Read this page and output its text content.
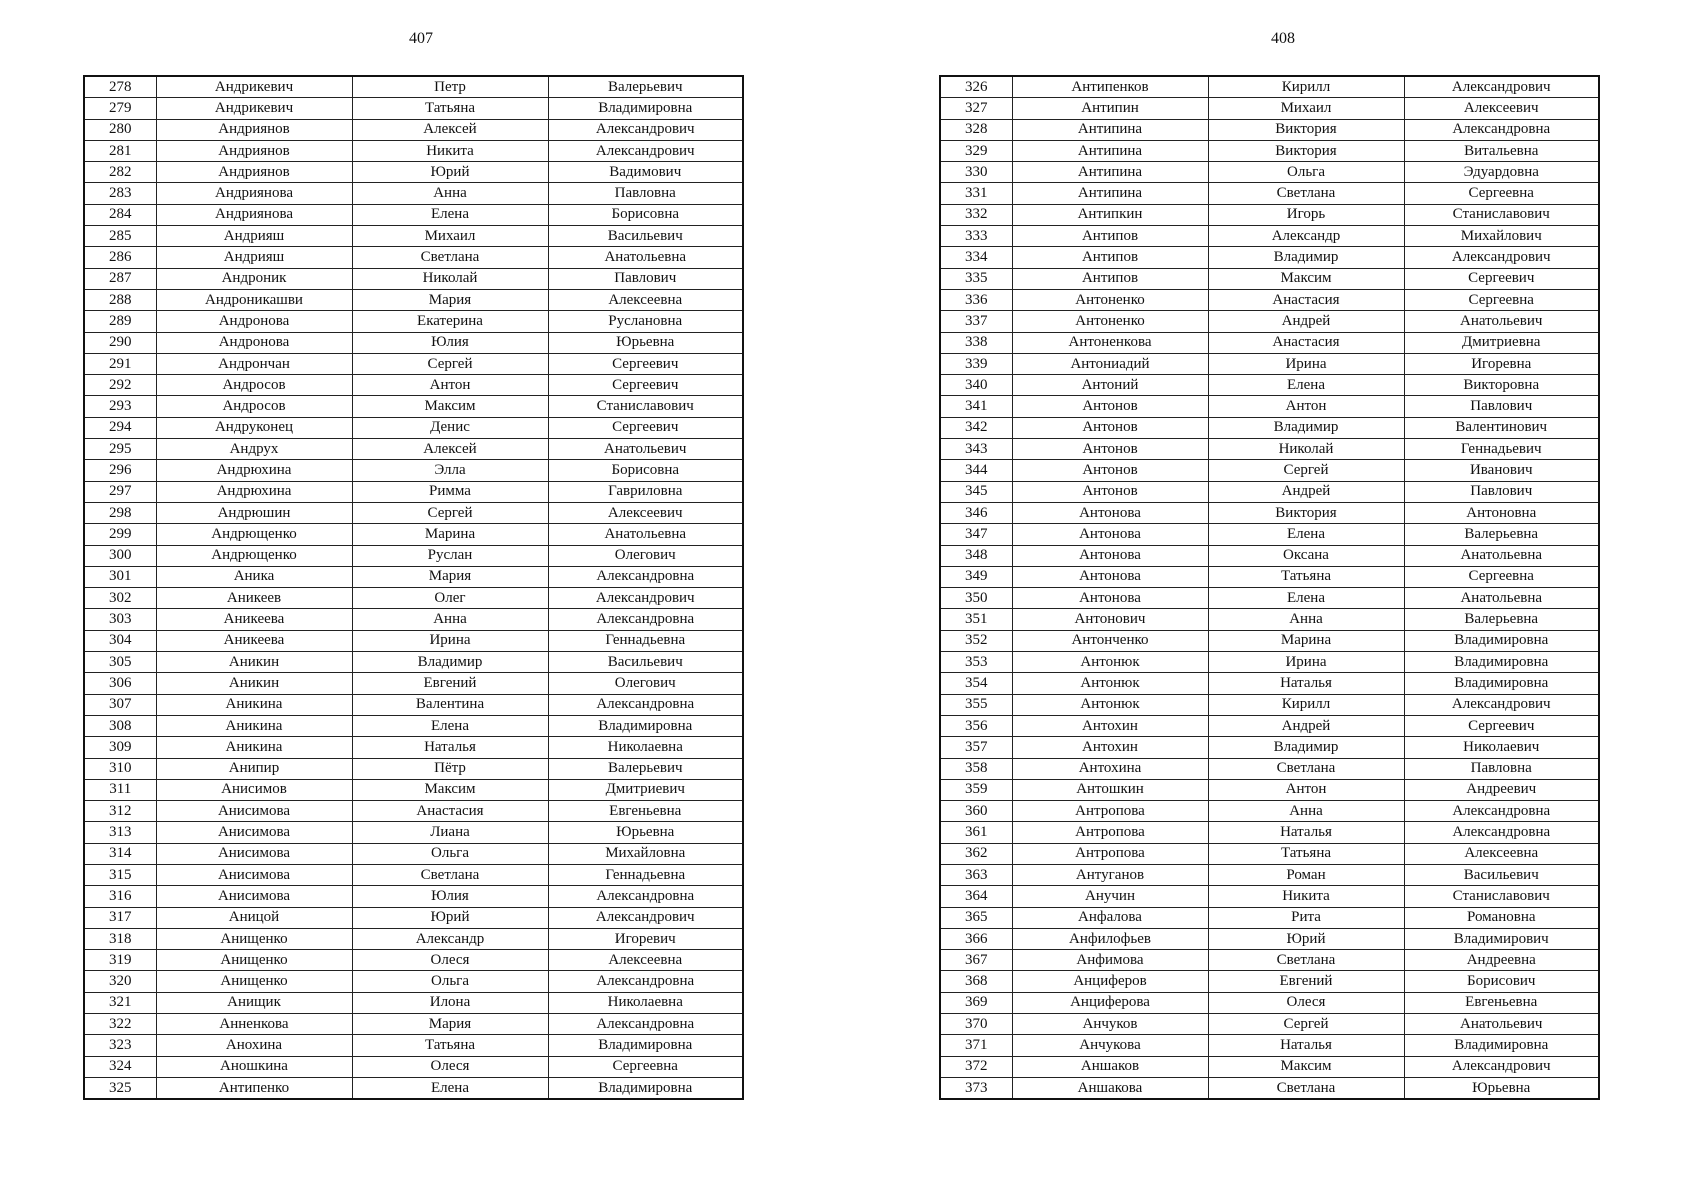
407
278	Андрикевич	Петр	Валерьевич
279	Андрикевич	Татьяна	Владимировна
280	Андриянов	Алексей	Александрович
281	Андриянов	Никита	Александрович
282	Андриянов	Юрий	Вадимович
283	Андриянова	Анна	Павловна
284	Андриянова	Елена	Борисовна
285	Андрияш	Михаил	Васильевич
286	Андрияш	Светлана	Анатольевна
287	Андроник	Николай	Павлович
288	Андроникашви	Мария	Алексеевна
289	Андронова	Екатерина	Руслановна
290	Андронова	Юлия	Юрьевна
291	Андрончан	Сергей	Сергеевич
292	Андросов	Антон	Сергеевич
293	Андросов	Максим	Станиславович
294	Андруконец	Денис	Сергеевич
295	Андрух	Алексей	Анатольевич
296	Андрюхина	Элла	Борисовна
297	Андрюхина	Римма	Гавриловна
298	Андрюшин	Сергей	Алексеевич
299	Андрющенко	Марина	Анатольевна
300	Андрющенко	Руслан	Олегович
301	Аника	Мария	Александровна
302	Аникеев	Олег	Александрович
303	Аникеева	Анна	Александровна
304	Аникеева	Ирина	Геннадьевна
305	Аникин	Владимир	Васильевич
306	Аникин	Евгений	Олегович
307	Аникина	Валентина	Александровна
308	Аникина	Елена	Владимировна
309	Аникина	Наталья	Николаевна
310	Анипир	Пётр	Валерьевич
311	Анисимов	Максим	Дмитриевич
312	Анисимова	Анастасия	Евгеньевна
313	Анисимова	Лиана	Юрьевна
314	Анисимова	Ольга	Михайловна
315	Анисимова	Светлана	Геннадьевна
316	Анисимова	Юлия	Александровна
317	Аницой	Юрий	Александрович
318	Анищенко	Александр	Игоревич
319	Анищенко	Олеся	Алексеевна
320	Анищенко	Ольга	Александровна
321	Анищик	Илона	Николаевна
322	Анненкова	Мария	Александровна
323	Анохина	Татьяна	Владимировна
324	Аношкина	Олеся	Сергеевна
325	Антипенко	Елена	Владимировна
408
326	Антипенков	Кирилл	Александрович
327	Антипин	Михаил	Алексеевич
328	Антипина	Виктория	Александровна
329	Антипина	Виктория	Витальевна
330	Антипина	Ольга	Эдуардовна
331	Антипина	Светлана	Сергеевна
332	Антипкин	Игорь	Станиславович
333	Антипов	Александр	Михайлович
334	Антипов	Владимир	Александрович
335	Антипов	Максим	Сергеевич
336	Антоненко	Анастасия	Сергеевна
337	Антоненко	Андрей	Анатольевич
338	Антоненкова	Анастасия	Дмитриевна
339	Антониадий	Ирина	Игоревна
340	Антоний	Елена	Викторовна
341	Антонов	Антон	Павлович
342	Антонов	Владимир	Валентинович
343	Антонов	Николай	Геннадьевич
344	Антонов	Сергей	Иванович
345	Антонов	Андрей	Павлович
346	Антонова	Виктория	Антоновна
347	Антонова	Елена	Валерьевна
348	Антонова	Оксана	Анатольевна
349	Антонова	Татьяна	Сергеевна
350	Антонова	Елена	Анатольевна
351	Антонович	Анна	Валерьевна
352	Антонченко	Марина	Владимировна
353	Антонюк	Ирина	Владимировна
354	Антонюк	Наталья	Владимировна
355	Антонюк	Кирилл	Александрович
356	Антохин	Андрей	Сергеевич
357	Антохин	Владимир	Николаевич
358	Антохина	Светлана	Павловна
359	Антошкин	Антон	Андреевич
360	Антропова	Анна	Александровна
361	Антропова	Наталья	Александровна
362	Антропова	Татьяна	Алексеевна
363	Антуганов	Роман	Васильевич
364	Анучин	Никита	Станиславович
365	Анфалова	Рита	Романовна
366	Анфилофьев	Юрий	Владимирович
367	Анфимова	Светлана	Андреевна
368	Анциферов	Евгений	Борисович
369	Анциферова	Олеся	Евгеньевна
370	Анчуков	Сергей	Анатольевич
371	Анчукова	Наталья	Владимировна
372	Аншаков	Максим	Александрович
373	Аншакова	Светлана	Юрьевна
